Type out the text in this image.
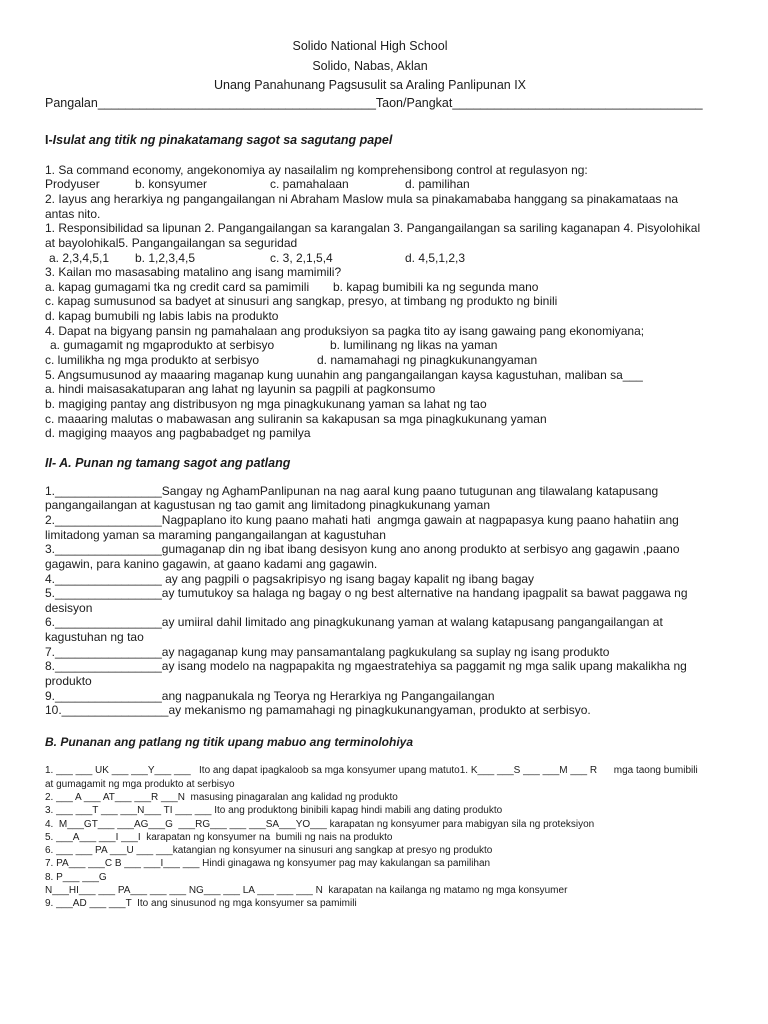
Solido National High School
Solido, Nabas, Aklan
Unang Panahunang Pagsusulit sa Araling Panlipunan IX
Pangalan________________________________________Taon/Pangkat____________________________________
I-Isulat ang titik ng pinakatamang sagot sa sagutang papel
1. Sa command economy, angekonomiya ay nasailalim ng komprehensibong control at regulasyon ng:
Prodyuser	b. konsyumer	c. pamahalaan	d. pamilihan
2. Iayus ang herarkiya ng pangangailangan ni Abraham Maslow mula sa pinakamababa hanggang sa pinakamataas na
antas nito.
1. Responsibilidad sa lipunan 2. Pangangailangan sa karangalan 3. Pangangailangan sa sariling kaganapan 4. Pisyolohikal
at bayolohikal5. Pangangailangan sa seguridad
a. 2,3,4,5,1 b. 1,2,3,4,5	c. 3, 2,1,5,4	d. 4,5,1,2,3
3. Kailan mo masasabing matalino ang isang mamimili?
a. kapag gumagami tka ng credit card sa pamimili b. kapag bumibili ka ng segunda mano
c. kapag sumusunod sa badyet at sinusuri ang sangkap, presyo, at timbang ng produkto ng binili
d. kapag bumubili ng labis labis na produkto
4. Dapat na bigyang pansin ng pamahalaan ang produksiyon sa pagka tito ay isang gawaing pang ekonomiyana;
a. gumagamit ng mgaprodukto at serbisyo	b. lumilinang ng likas na yaman
c. lumilikha ng mga produkto at serbisyo	d. namamahagi ng pinagkukunangyaman
5. Angsumusunod ay maaaring maganap kung uunahin ang pangangailangan kaysa kagustuhan, maliban sa___
a. hindi maisasakatuparan ang lahat ng layunin sa pagpili at pagkonsumo
b. magiging pantay ang distribusyon ng mga pinagkukunang yaman sa lahat ng tao
c. maaaring malutas o mabawasan ang suliranin sa kakapusan sa mga pinagkukunang yaman
d. magiging maayos ang pagbabadget ng pamilya
II- A. Punan ng tamang sagot ang patlang
1.________________Sangay ng AghamPanlipunan na nag aaral kung paano tutugunan ang tilawalang katapusang
pangangailangan at kagustusan ng tao gamit ang limitadong pinagkukunang yaman
2.________________Nagpaplano ito kung paano mahati hati  angmga gawain at nagpapasya kung paano hahatiin ang
limitadong yaman sa maraming pangangailangan at kagustuhan
3.________________gumaganap din ng ibat ibang desisyon kung ano anong produkto at serbisyo ang gagawin ,paano
gagawin, para kanino gagawin, at gaano kadami ang gagawin.
4.________________ ay ang pagpili o pagsakripisyo ng isang bagay kapalit ng ibang bagay
5.________________ay tumutukoy sa halaga ng bagay o ng best alternative na handang ipagpalit sa bawat paggawa ng
desisyon
6.________________ay umiiral dahil limitado ang pinagkukunang yaman at walang katapusang pangangailangan at
kagustuhan ng tao
7.________________ay nagaganap kung may pansamantalang pagkukulang sa suplay ng isang produkto
8.________________ay isang modelo na nagpapakita ng mgaestratehiya sa paggamit ng mga salik upang makalikha ng
produkto
9.________________ang nagpanukala ng Teorya ng Herarkiya ng Pangangailangan
10.________________ay mekanismo ng pamamahagi ng pinagkukunangyaman, produkto at serbisyo.
B. Punanan ang patlang ng titik upang mabuo ang terminolohiya
1. ___ ___ UK ___ ___Y___ ___   Ito ang dapat ipagkaloob sa mga konsyumer upang matuto1. K___ ___S ___ ___M ___ R      mga taong bumibili
at gumagamit ng mga produkto at serbisyo
2. ___ A ___ AT___ ___R ___N  masusing pinagaralan ang kalidad ng produkto
3. ___ ___T ___ ___N___ TI ___ ___ Ito ang produktong binibili kapag hindi mabili ang dating produkto
4.  M___GT___ ___AG___G  ___RG___ ___ ___SA___YO___ karapatan ng konsyumer para mabigyan sila ng proteksiyon
5. ___A___ ___I ___I  karapatan ng konsyumer na  bumili ng nais na produkto
6. ___ ___ PA ___U ___ ___katangian ng konsyumer na sinusuri ang sangkap at presyo ng produkto
7. PA___ ___C B ___ ___I___ ___ Hindi ginagawa ng konsyumer pag may kakulangan sa pamilihan
8. P___ ___G
N___HI___ ___ PA___ ___ ___ NG___ ___ LA ___ ___ ___ N  karapatan na kailanga ng matamo ng mga konsyumer
9. ___AD ___ ___T  Ito ang sinusunod ng mga konsyumer sa pamimili
